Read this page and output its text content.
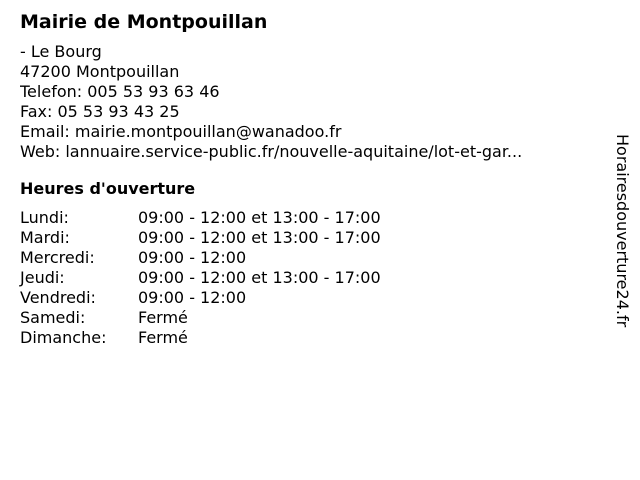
Mairie de Montpouillan
- Le Bourg
47200 Montpouillan
Telefon: 005 53 93 63 46
Fax: 05 53 93 43 25
Email: mairie.montpouillan@wanadoo.fr
Web: lannuaire.service-public.fr/nouvelle-aquitaine/lot-et-gar...
Heures d'ouverture
Lundi:	09:00 - 12:00 et 13:00 - 17:00
Mardi:	09:00 - 12:00 et 13:00 - 17:00
Mercredi:	09:00 - 12:00
Jeudi:	09:00 - 12:00 et 13:00 - 17:00
Vendredi:	09:00 - 12:00
Samedi:	Fermé
Dimanche:	Fermé
Horairesdouverture24.fr
